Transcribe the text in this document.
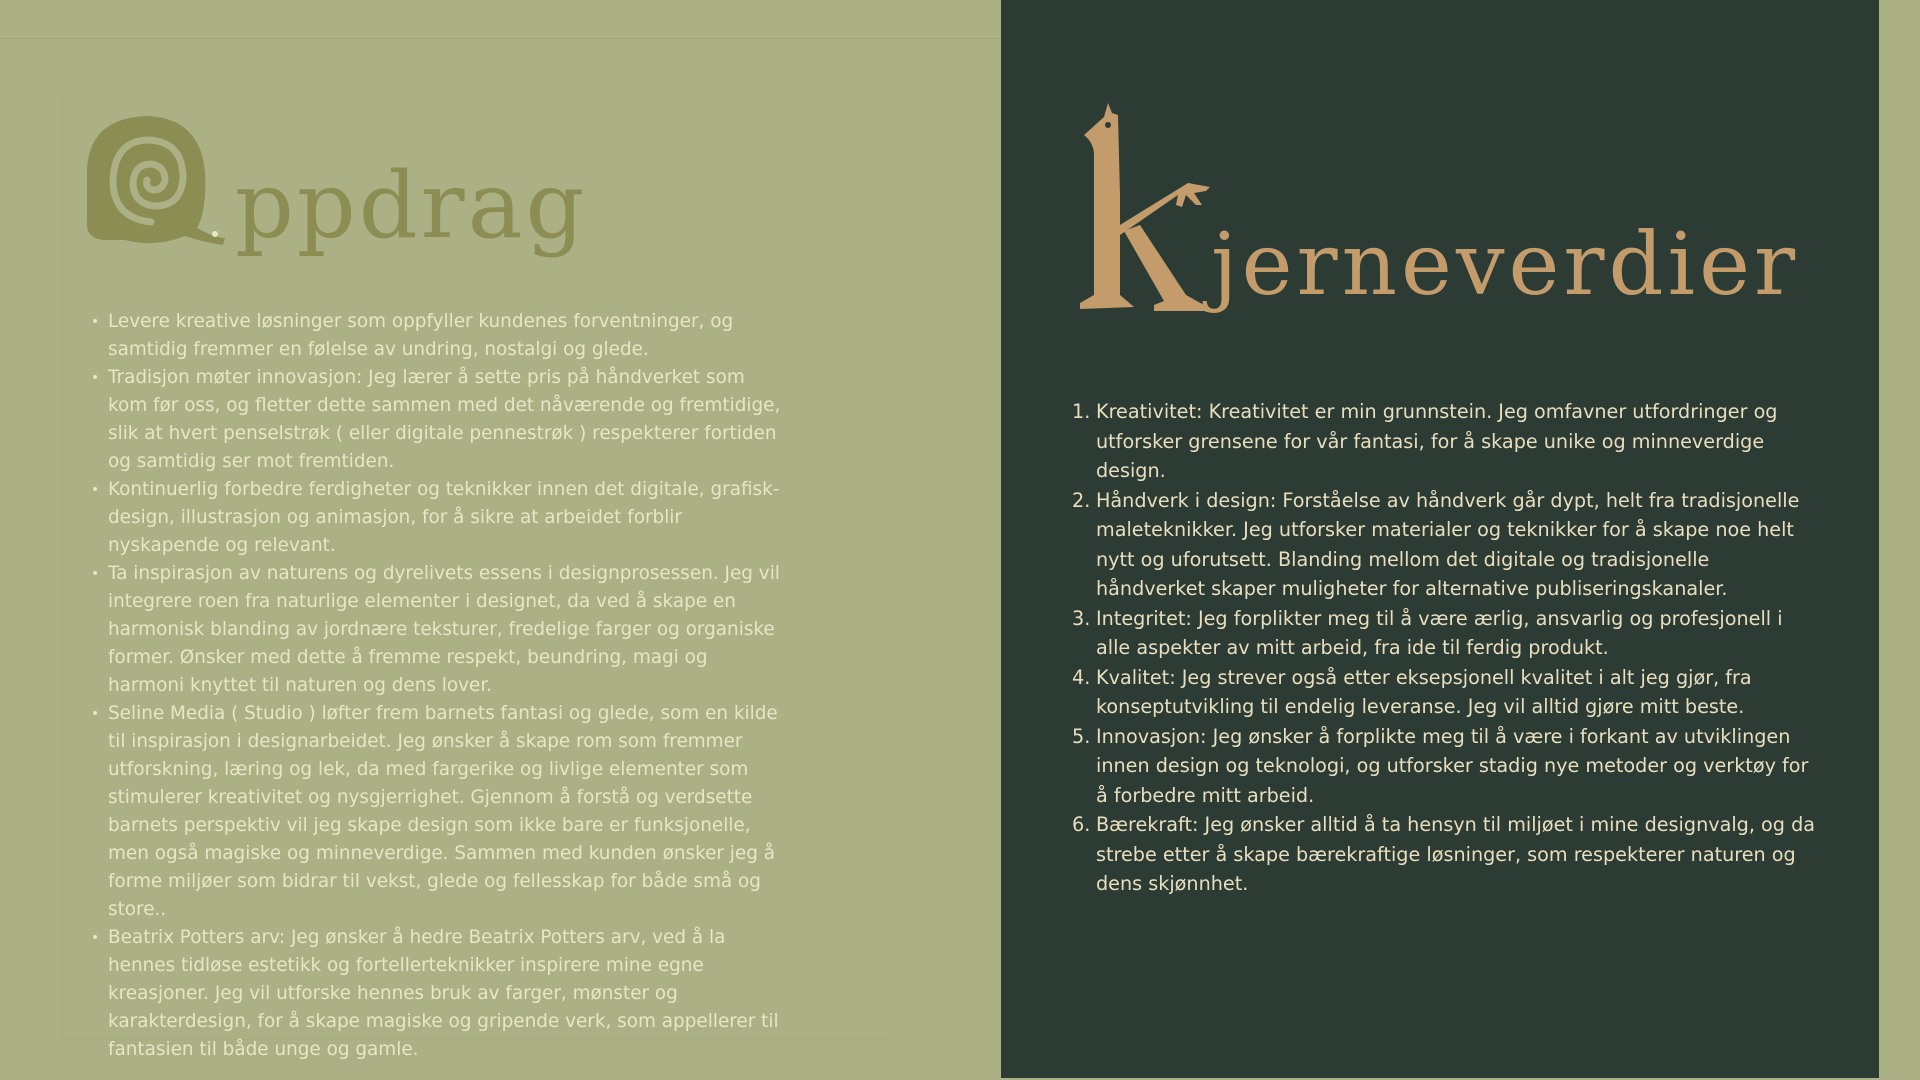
ppdrag
• Levere kreative løsninger som oppfyller kundenes forventninger, og samtidig fremmer en følelse av undring, nostalgi og glede.
• Tradisjon møter innovasjon: Jeg lærer å sette pris på håndverket som kom før oss, og fletter dette sammen med det nåværende og fremtidige, slik at hvert penselstrøk ( eller digitale pennestrøk ) respekterer fortiden og samtidig ser mot fremtiden.
• Kontinuerlig forbedre ferdigheter og teknikker innen det digitale, grafisk-design, illustrasjon og animasjon, for å sikre at arbeidet forblir nyskapende og relevant.
• Ta inspirasjon av naturens og dyrelivets essens i designprosessen. Jeg vil integrere roen fra naturlige elementer i designet, da ved å skape en harmonisk blanding av jordnære teksturer, fredelige farger og organiske former. Ønsker med dette å fremme respekt, beundring, magi og harmoni knyttet til naturen og dens lover.
• Seline Media ( Studio ) løfter frem barnets fantasi og glede, som en kilde til inspirasjon i designarbeidet. Jeg ønsker å skape rom som fremmer utforskning, læring og lek, da med fargerike og livlige elementer som stimulerer kreativitet og nysgjerrighet. Gjennom å forstå og verdsette barnets perspektiv vil jeg skape design som ikke bare er funksjonelle, men også magiske og minneverdige. Sammen med kunden ønsker jeg å forme miljøer som bidrar til vekst, glede og fellesskap for både små og store..
• Beatrix Potters arv: Jeg ønsker å hedre Beatrix Potters arv, ved å la hennes tidløse estetikk og fortellerteknikker inspirere mine egne kreasjoner. Jeg vil utforske hennes bruk av farger, mønster og karakterdesign, for å skape magiske og gripende verk, som appellerer til fantasien til både unge og gamle.
jerneverdier
1. Kreativitet: Kreativitet er min grunnstein. Jeg omfavner utfordringer og utforsker grensene for vår fantasi, for å skape unike og minneverdige design.
2. Håndverk i design: Forståelse av håndverk går dypt, helt fra tradisjonelle maleteknikker. Jeg utforsker materialer og teknikker for å skape noe helt nytt og uforutsett. Blanding mellom det digitale og tradisjonelle håndverket skaper muligheter for alternative publiseringskanaler.
3. Integritet: Jeg forplikter meg til å være ærlig, ansvarlig og profesjonell i alle aspekter av mitt arbeid, fra ide til ferdig produkt.
4. Kvalitet: Jeg strever også etter eksepsjonell kvalitet i alt jeg gjør, fra konseptutvikling til endelig leveranse. Jeg vil alltid gjøre mitt beste.
5. Innovasjon: Jeg ønsker å forplikte meg til å være i forkant av utviklingen innen design og teknologi, og utforsker stadig nye metoder og verktøy for å forbedre mitt arbeid.
6. Bærekraft: Jeg ønsker alltid å ta hensyn til miljøet i mine designvalg, og da strebe etter å skape bærekraftige løsninger, som respekterer naturen og dens skjønnhet.
